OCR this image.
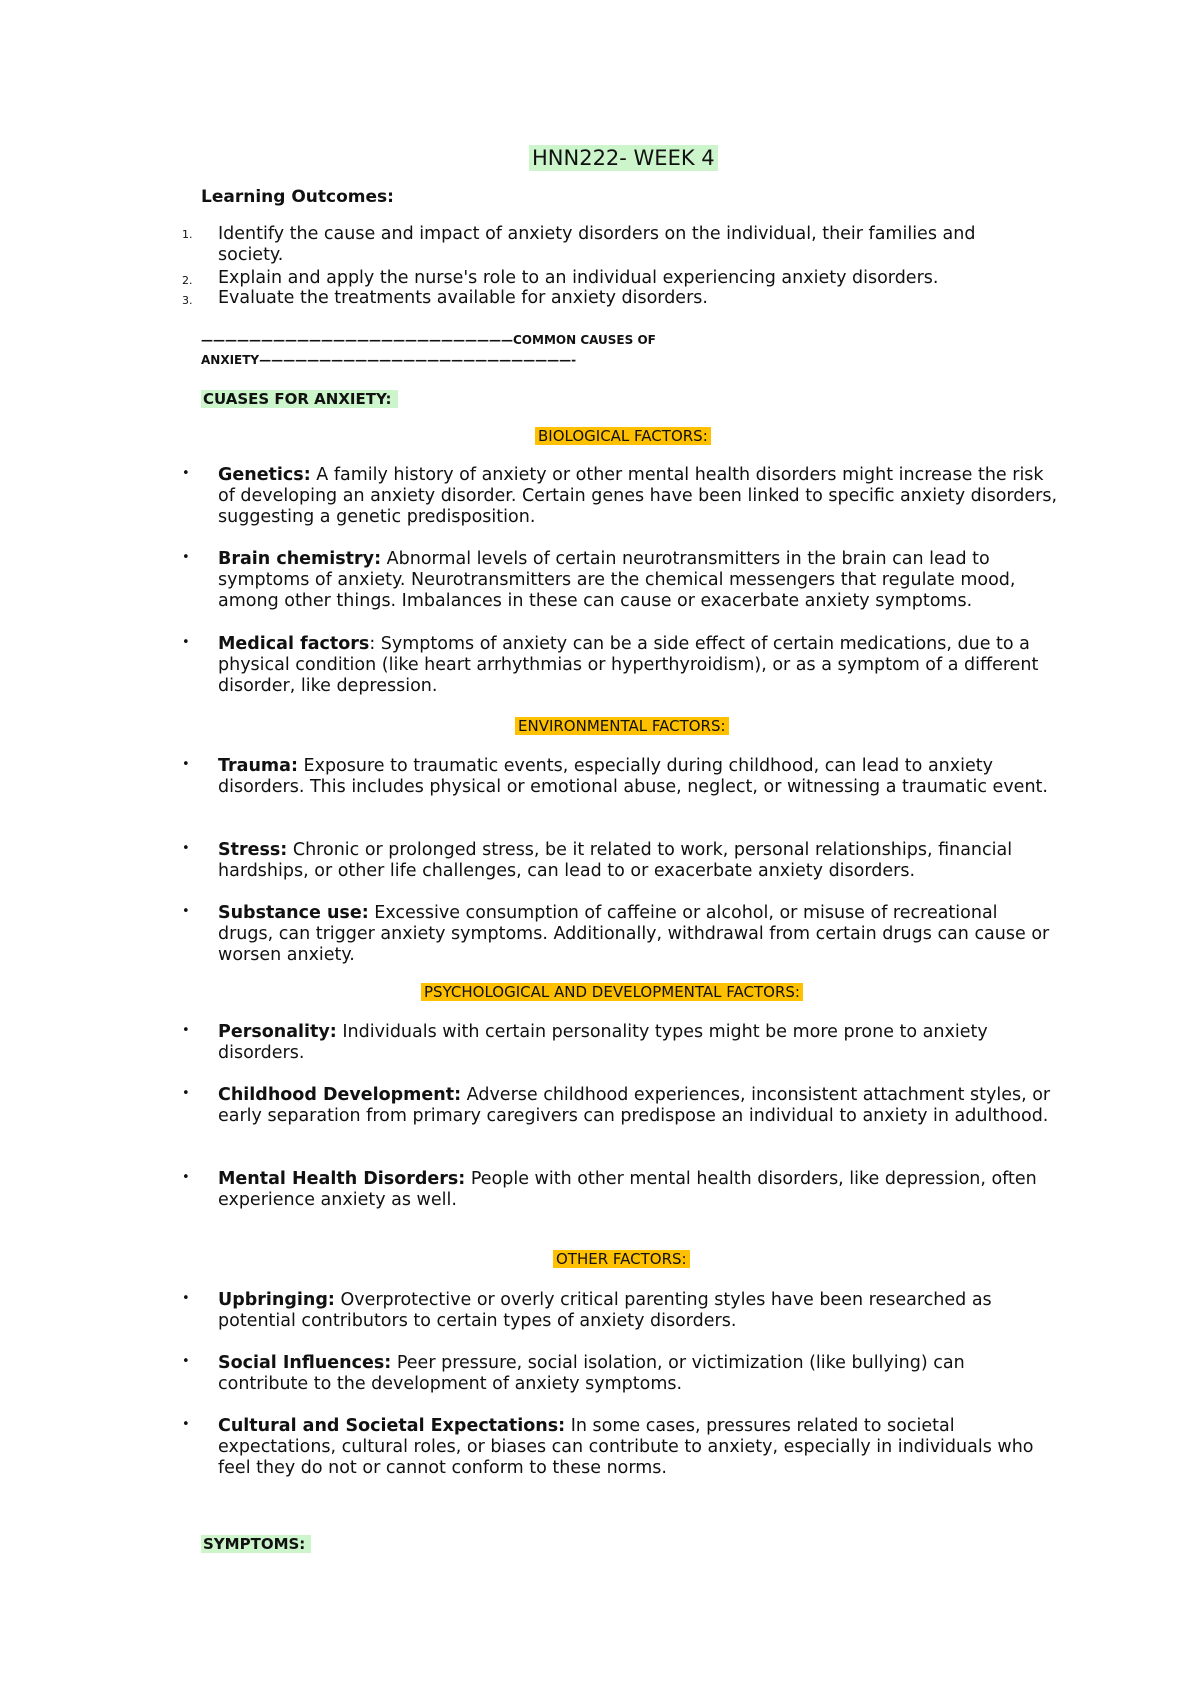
HNN222- WEEK 4
Learning Outcomes:
1. Identify the cause and impact of anxiety disorders on the individual, their families and society.
2. Explain and apply the nurse's role to an individual experiencing anxiety disorders.
3. Evaluate the treatments available for anxiety disorders.
——————————————————————————COMMON CAUSES OF
ANXIETY——————————————————————————-
CUASES FOR ANXIETY:
BIOLOGICAL FACTORS:
• Genetics: A family history of anxiety or other mental health disorders might increase the risk of developing an anxiety disorder. Certain genes have been linked to specific anxiety disorders, suggesting a genetic predisposition.
• Brain chemistry: Abnormal levels of certain neurotransmitters in the brain can lead to symptoms of anxiety. Neurotransmitters are the chemical messengers that regulate mood, among other things. Imbalances in these can cause or exacerbate anxiety symptoms.
• Medical factors: Symptoms of anxiety can be a side effect of certain medications, due to a physical condition (like heart arrhythmias or hyperthyroidism), or as a symptom of a different disorder, like depression.
ENVIRONMENTAL FACTORS:
• Trauma: Exposure to traumatic events, especially during childhood, can lead to anxiety disorders. This includes physical or emotional abuse, neglect, or witnessing a traumatic event.
• Stress: Chronic or prolonged stress, be it related to work, personal relationships, financial hardships, or other life challenges, can lead to or exacerbate anxiety disorders.
• Substance use: Excessive consumption of caffeine or alcohol, or misuse of recreational drugs, can trigger anxiety symptoms. Additionally, withdrawal from certain drugs can cause or worsen anxiety.
PSYCHOLOGICAL AND DEVELOPMENTAL FACTORS:
• Personality: Individuals with certain personality types might be more prone to anxiety disorders.
• Childhood Development: Adverse childhood experiences, inconsistent attachment styles, or early separation from primary caregivers can predispose an individual to anxiety in adulthood.
• Mental Health Disorders: People with other mental health disorders, like depression, often experience anxiety as well.
OTHER FACTORS:
• Upbringing: Overprotective or overly critical parenting styles have been researched as potential contributors to certain types of anxiety disorders.
• Social Influences: Peer pressure, social isolation, or victimization (like bullying) can contribute to the development of anxiety symptoms.
• Cultural and Societal Expectations: In some cases, pressures related to societal expectations, cultural roles, or biases can contribute to anxiety, especially in individuals who feel they do not or cannot conform to these norms.
SYMPTOMS:
